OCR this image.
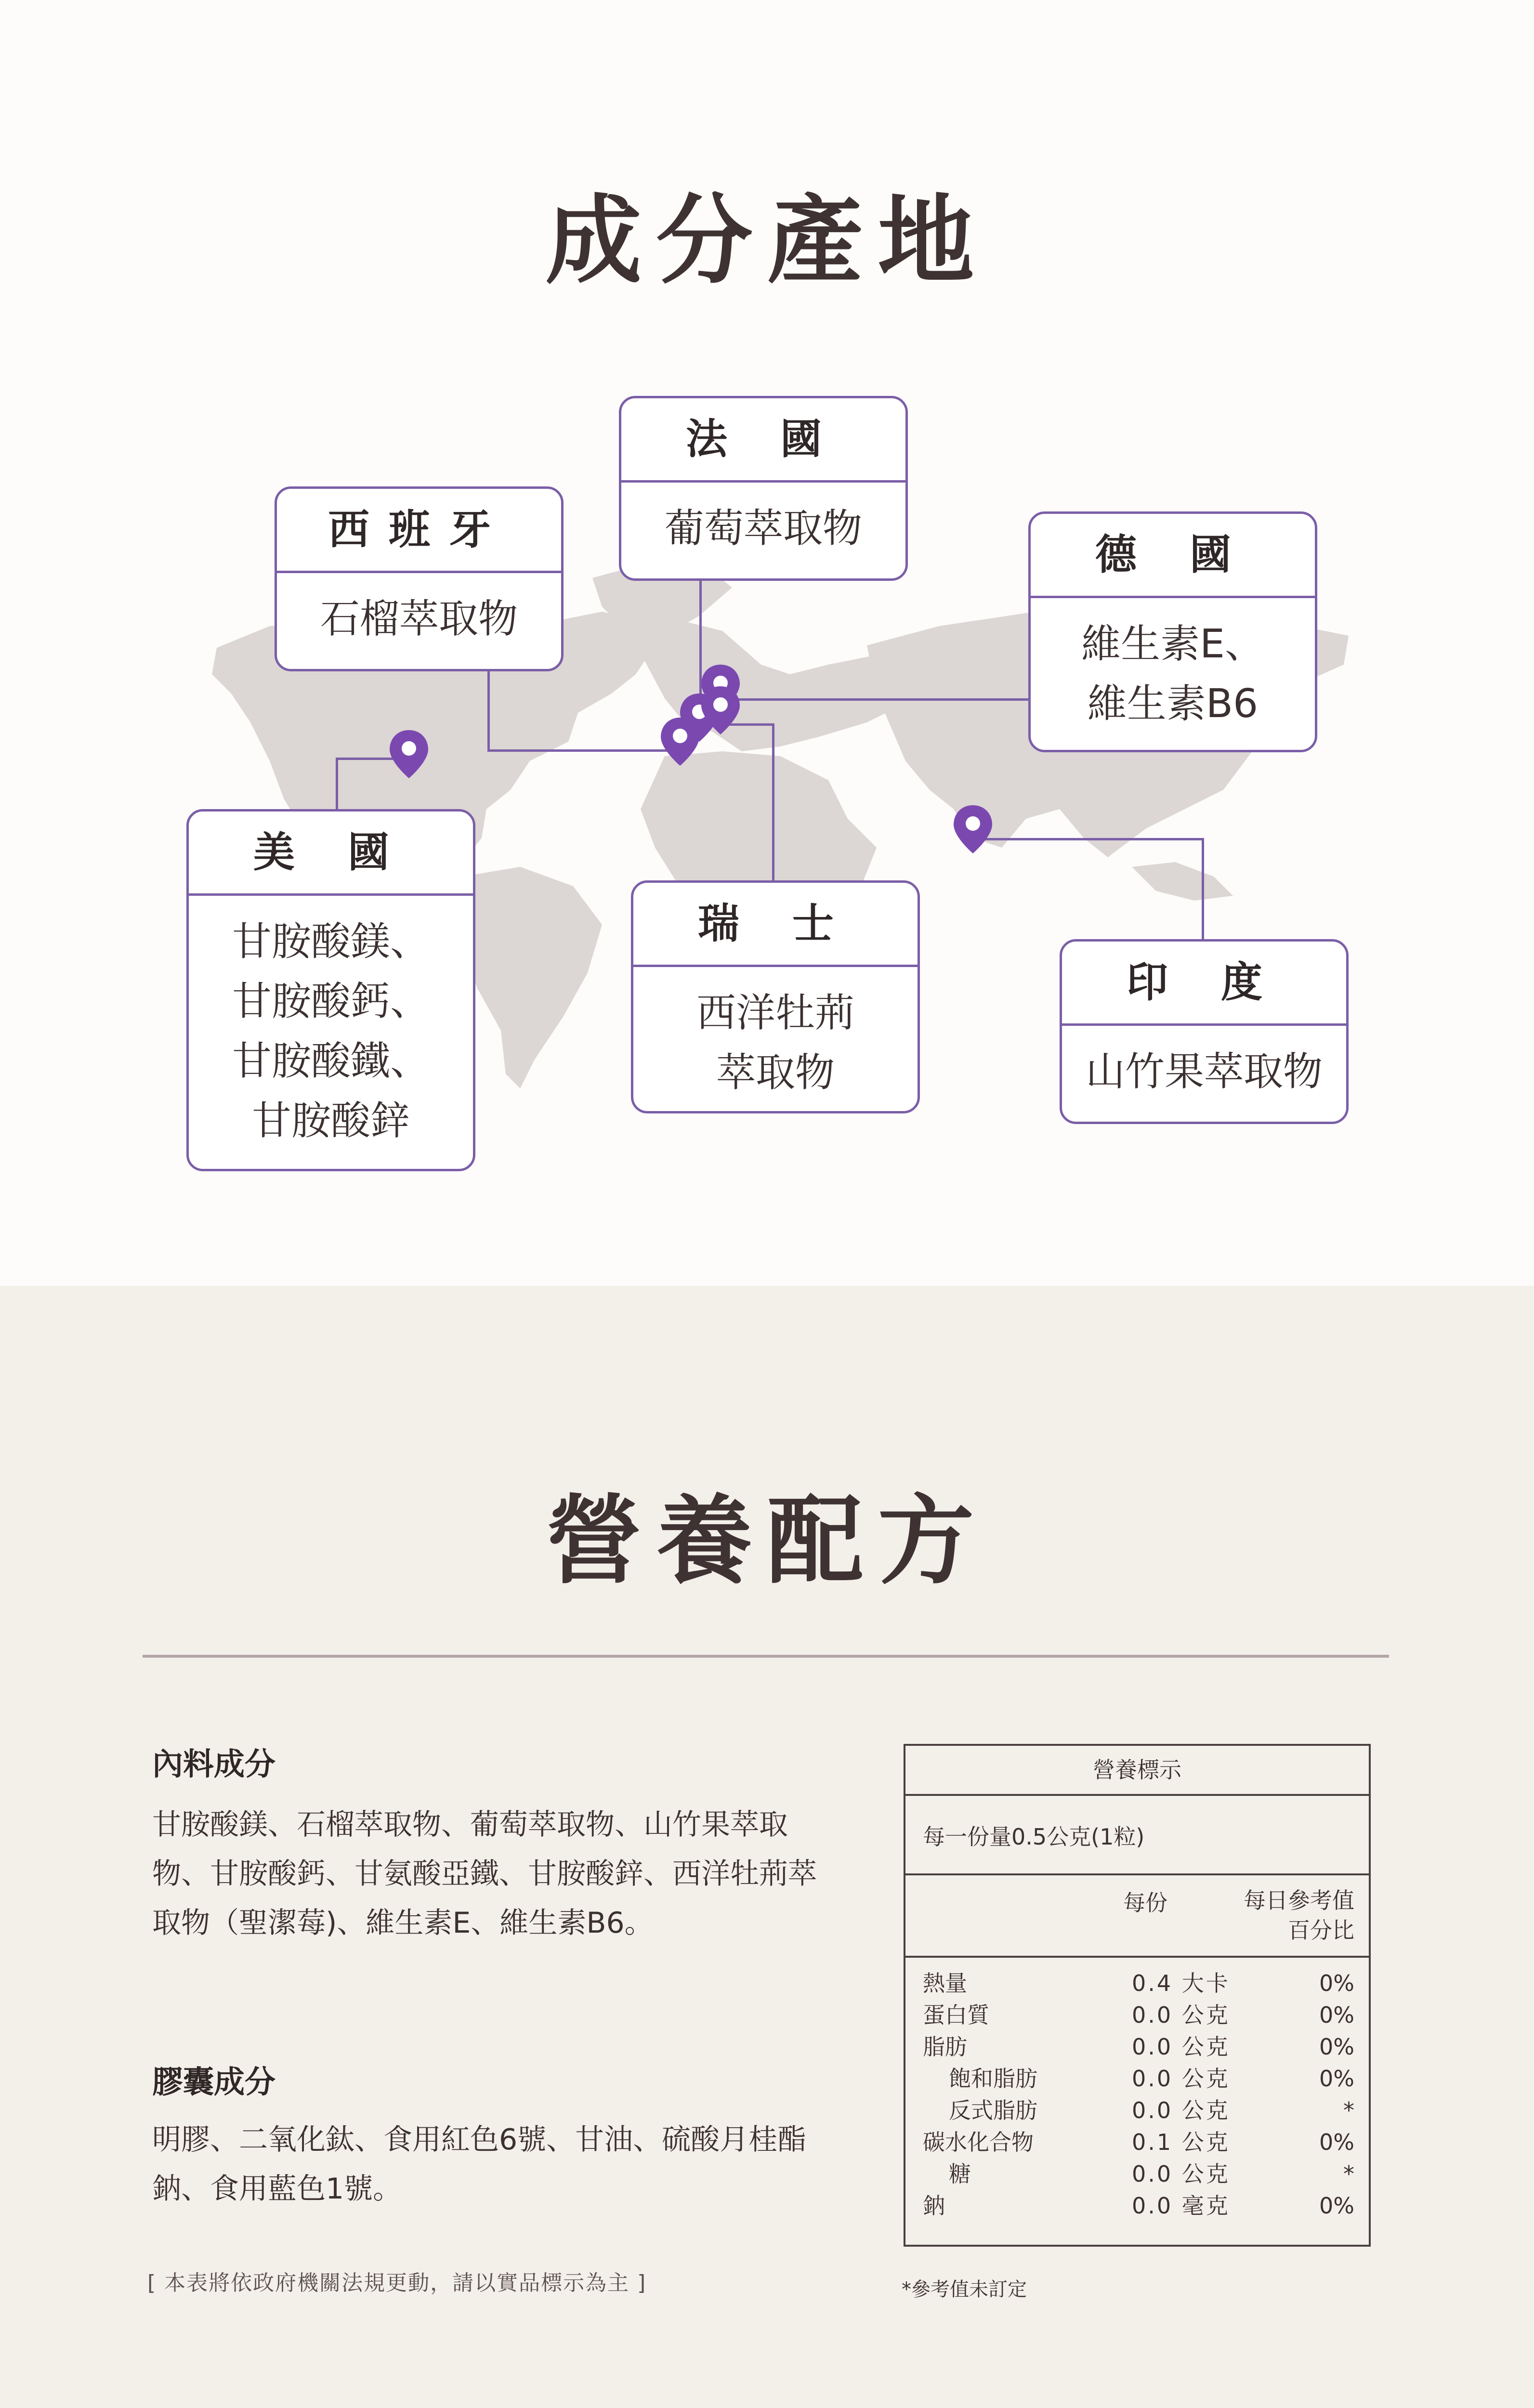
成分產地
法 國
葡萄萃取物
西班牙
石榴萃取物
德 國
維生素E、
維生素B6
美 國
甘胺酸鎂、
甘胺酸鈣、
甘胺酸鐵、
甘胺酸鋅
瑞 士
西洋牡荊
萃取物
印 度
山竹果萃取物
營養配方
內料成分
甘胺酸鎂、石榴萃取物、葡萄萃取物、山竹果萃取物、甘胺酸鈣、甘氨酸亞鐵、甘胺酸鋅、西洋牡荊萃取物（聖潔莓)、維生素E、維生素B6。
膠囊成分
明膠、二氧化鈦、食用紅色6號、甘油、硫酸月桂酯鈉、食用藍色1號。
[ 本表將依政府機關法規更動，請以實品標示為主 ]
營養標示
每一份量0.5公克(1粒)
每份	每日參考值
百分比
熱量	0.4 大卡	0%
蛋白質	0.0 公克	0%
脂肪	0.0 公克	0%
飽和脂肪	0.0 公克	0%
反式脂肪	0.0 公克	*
碳水化合物	0.1 公克	0%
糖	0.0 公克	*
鈉	0.0 毫克	0%
*參考值未訂定
